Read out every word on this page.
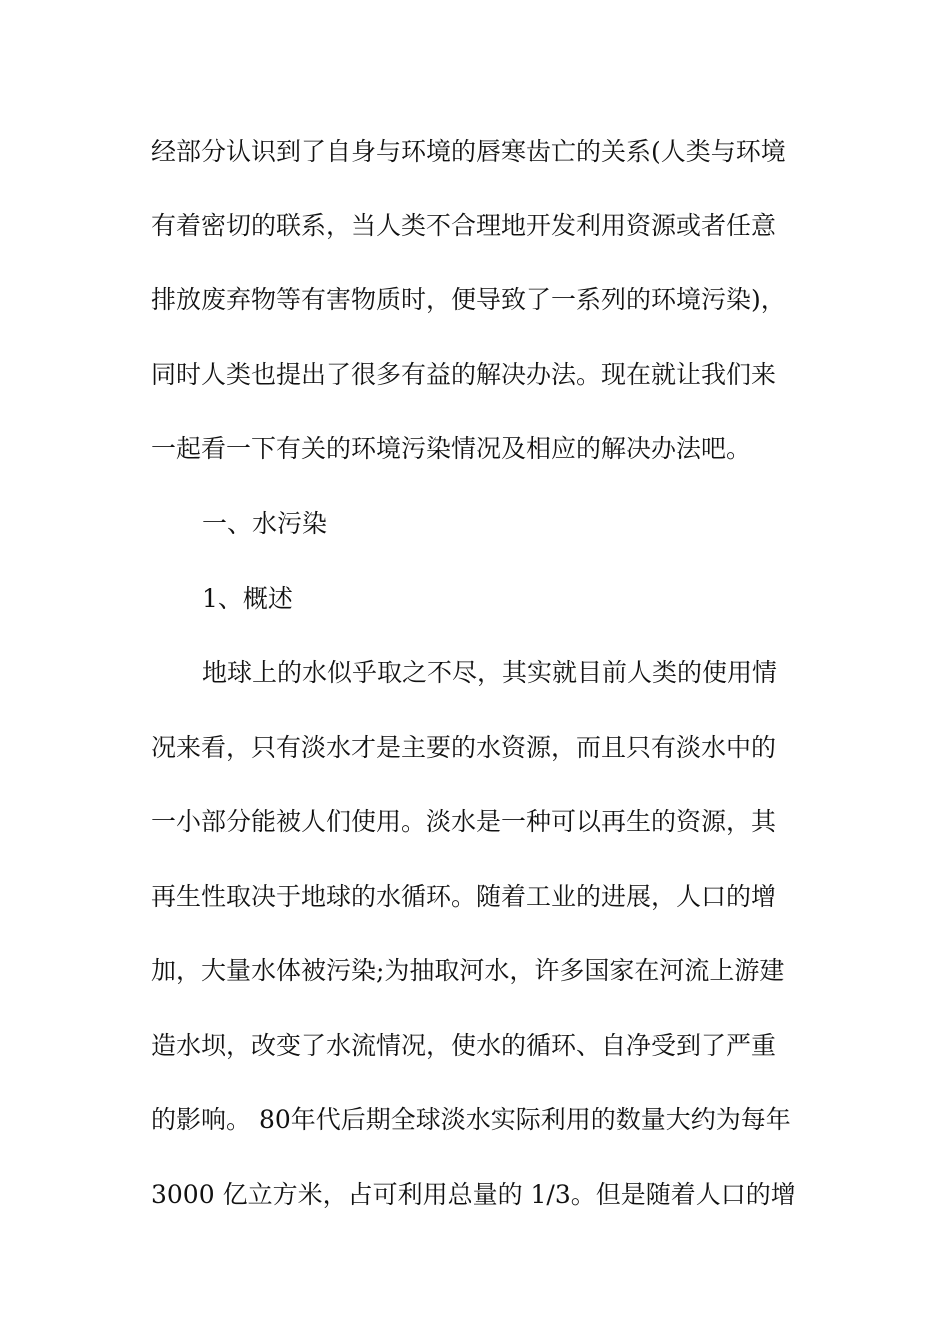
经部分认识到了自身与环境的唇寒齿亡的关系(人类与环境
有着密切的联系，当人类不合理地开发利用资源或者任意
排放废弃物等有害物质时，便导致了一系列的环境污染)，
同时人类也提出了很多有益的解决办法。现在就让我们来
一起看一下有关的环境污染情况及相应的解决办法吧。
一、水污染
1、概述
地球上的水似乎取之不尽，其实就目前人类的使用情
况来看，只有淡水才是主要的水资源，而且只有淡水中的
一小部分能被人们使用。淡水是一种可以再生的资源，其
再生性取决于地球的水循环。随着工业的进展，人口的增
加，大量水体被污染;为抽取河水，许多国家在河流上游建
造水坝，改变了水流情况，使水的循环、自净受到了严重
的影响。 80年代后期全球淡水实际利用的数量大约为每年
3000 亿立方米，占可利用总量的 1/3。但是随着人口的增
